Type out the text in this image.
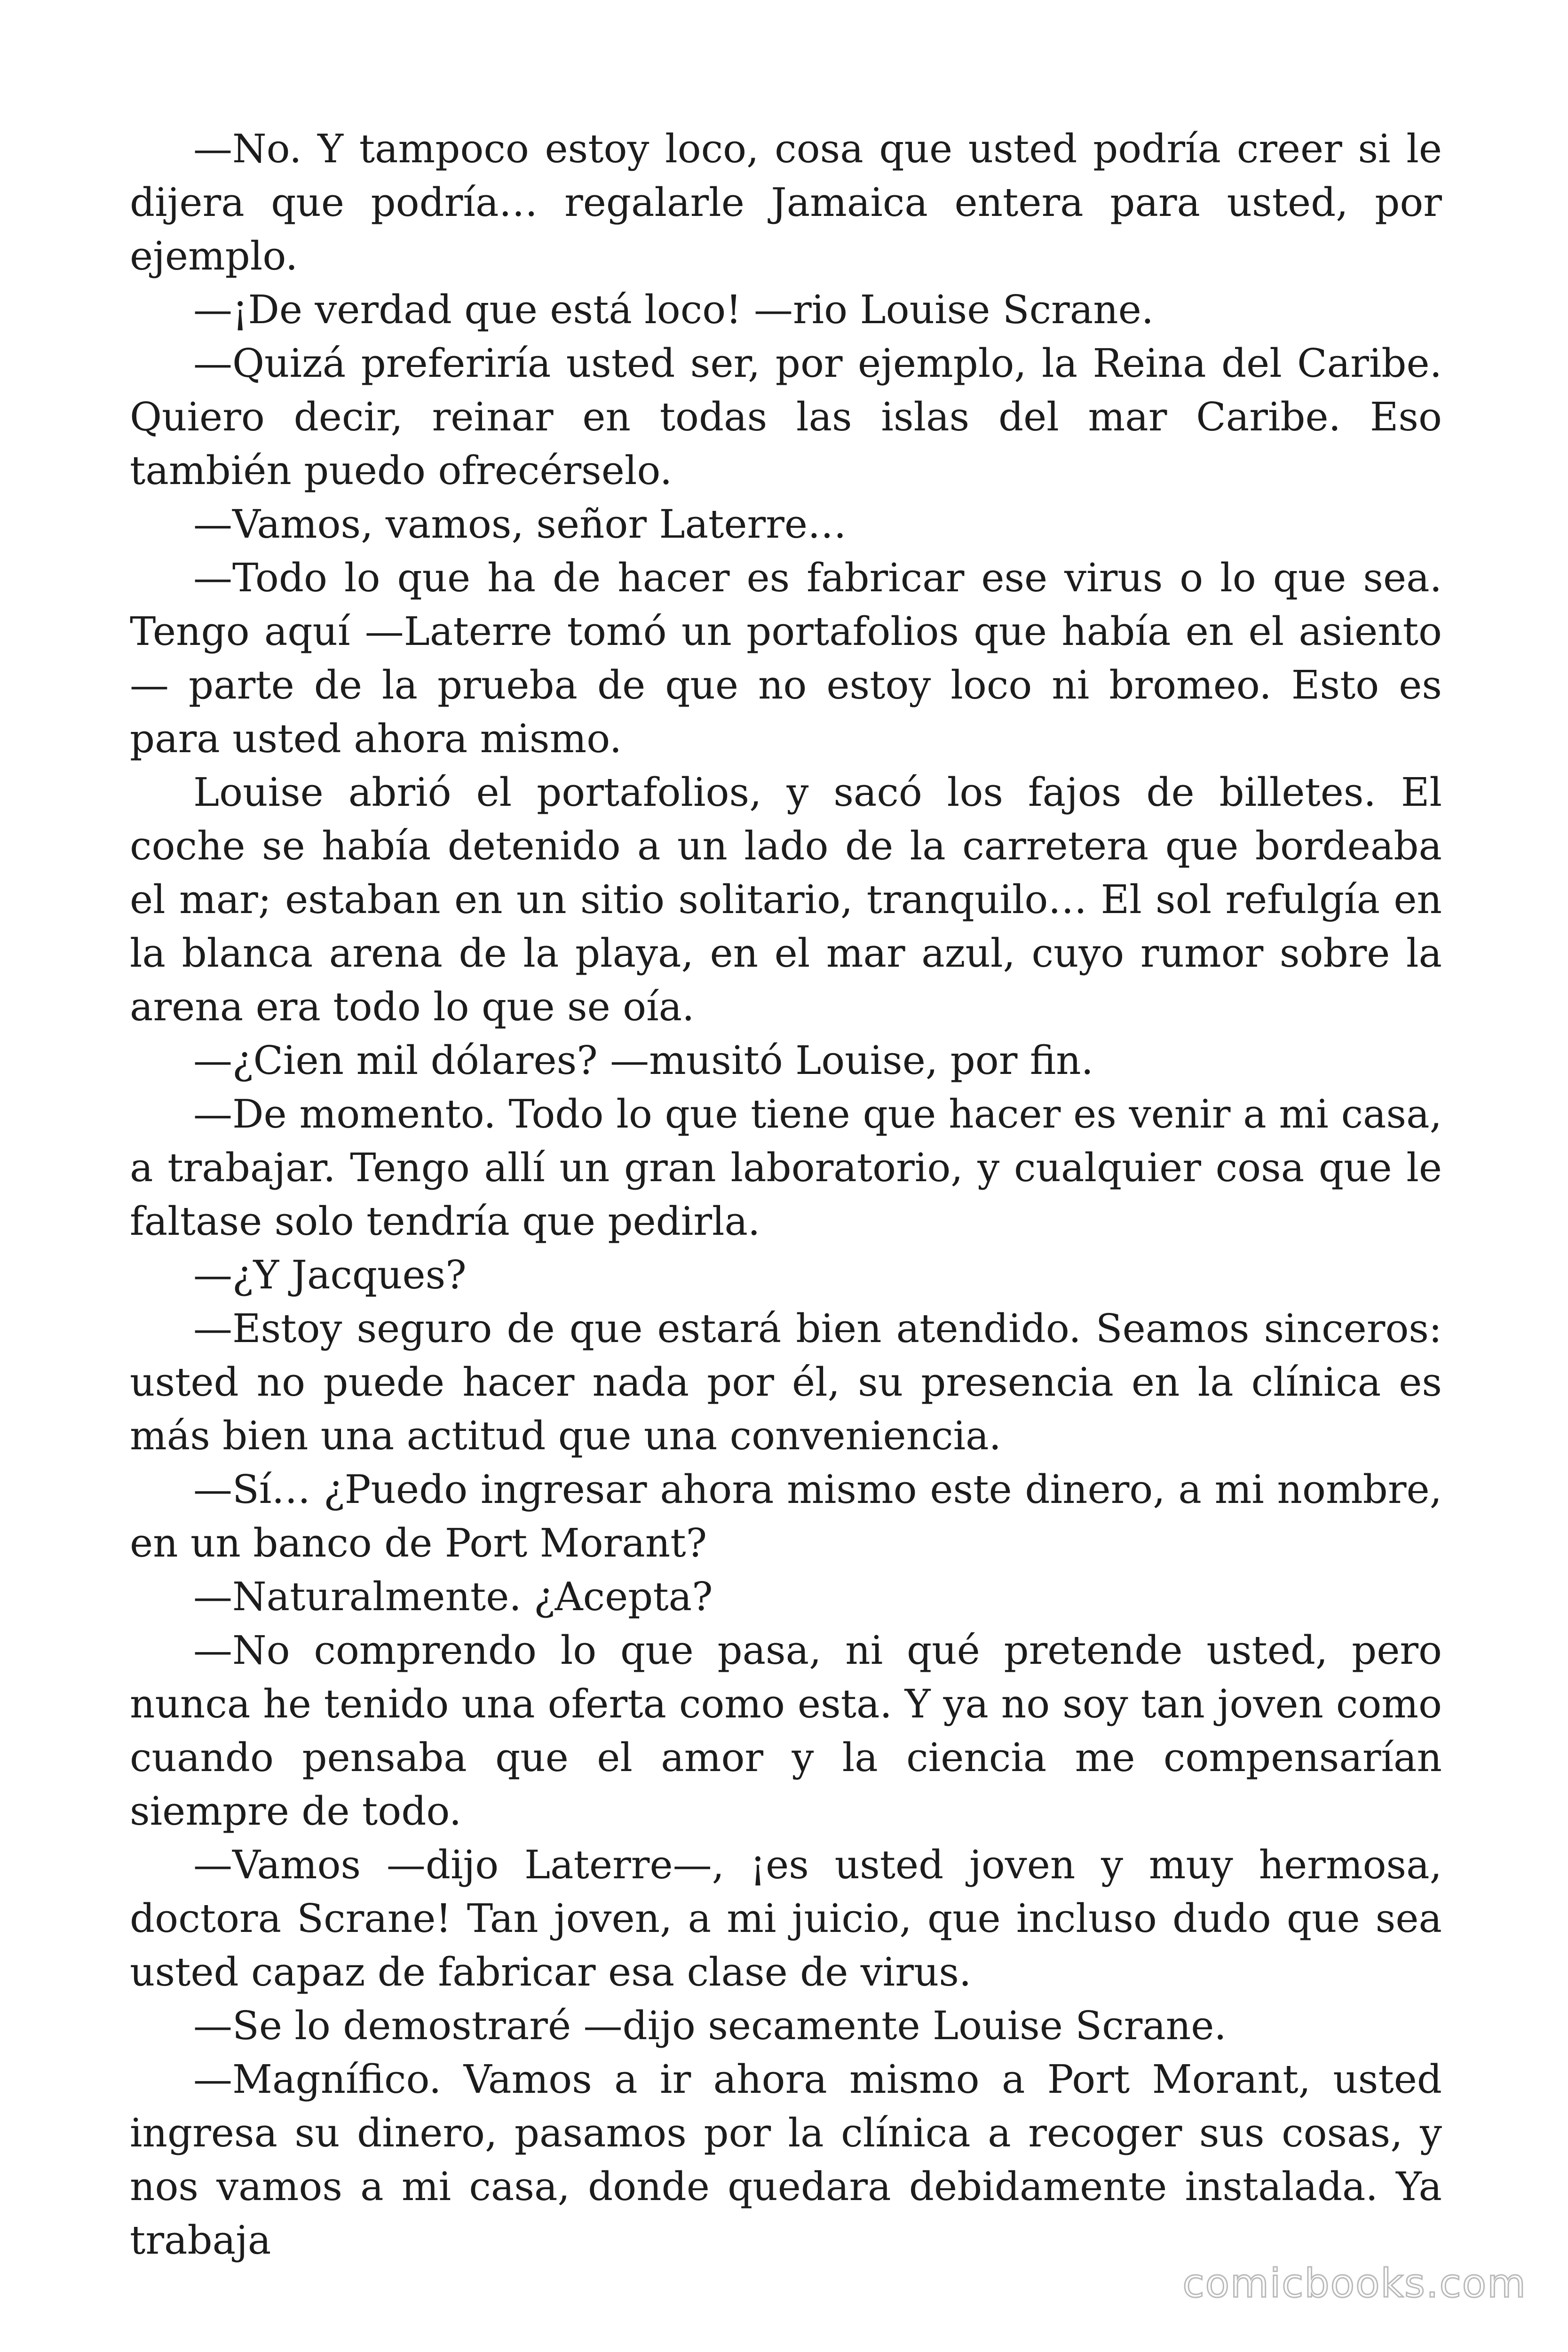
—No. Y tampoco estoy loco, cosa que usted podría creer si le dijera que podría… regalarle Jamaica entera para usted, por ejemplo.

—¡De verdad que está loco! —rio Louise Scrane.

—Quizá preferiría usted ser, por ejemplo, la Reina del Caribe. Quiero decir, reinar en todas las islas del mar Caribe. Eso también puedo ofrecérselo.

—Vamos, vamos, señor Laterre…

—Todo lo que ha de hacer es fabricar ese virus o lo que sea. Tengo aquí —Laterre tomó un portafolios que había en el asiento— parte de la prueba de que no estoy loco ni bromeo. Esto es para usted ahora mismo.

Louise abrió el portafolios, y sacó los fajos de billetes. El coche se había detenido a un lado de la carretera que bordeaba el mar; estaban en un sitio solitario, tranquilo… El sol refulgía en la blanca arena de la playa, en el mar azul, cuyo rumor sobre la arena era todo lo que se oía.

—¿Cien mil dólares? —musitó Louise, por fin.

—De momento. Todo lo que tiene que hacer es venir a mi casa, a trabajar. Tengo allí un gran laboratorio, y cualquier cosa que le faltase solo tendría que pedirla.

—¿Y Jacques?

—Estoy seguro de que estará bien atendido. Seamos sinceros: usted no puede hacer nada por él, su presencia en la clínica es más bien una actitud que una conveniencia.

—Sí… ¿Puedo ingresar ahora mismo este dinero, a mi nombre, en un banco de Port Morant?

—Naturalmente. ¿Acepta?

—No comprendo lo que pasa, ni qué pretende usted, pero nunca he tenido una oferta como esta. Y ya no soy tan joven como cuando pensaba que el amor y la ciencia me compensarían siempre de todo.

—Vamos —dijo Laterre—, ¡es usted joven y muy hermosa, doctora Scrane! Tan joven, a mi juicio, que incluso dudo que sea usted capaz de fabricar esa clase de virus.

—Se lo demostraré —dijo secamente Louise Scrane.

—Magnífico. Vamos a ir ahora mismo a Port Morant, usted ingresa su dinero, pasamos por la clínica a recoger sus cosas, y nos vamos a mi casa, donde quedara debidamente instalada. Ya trabaja

comicbooks.com
